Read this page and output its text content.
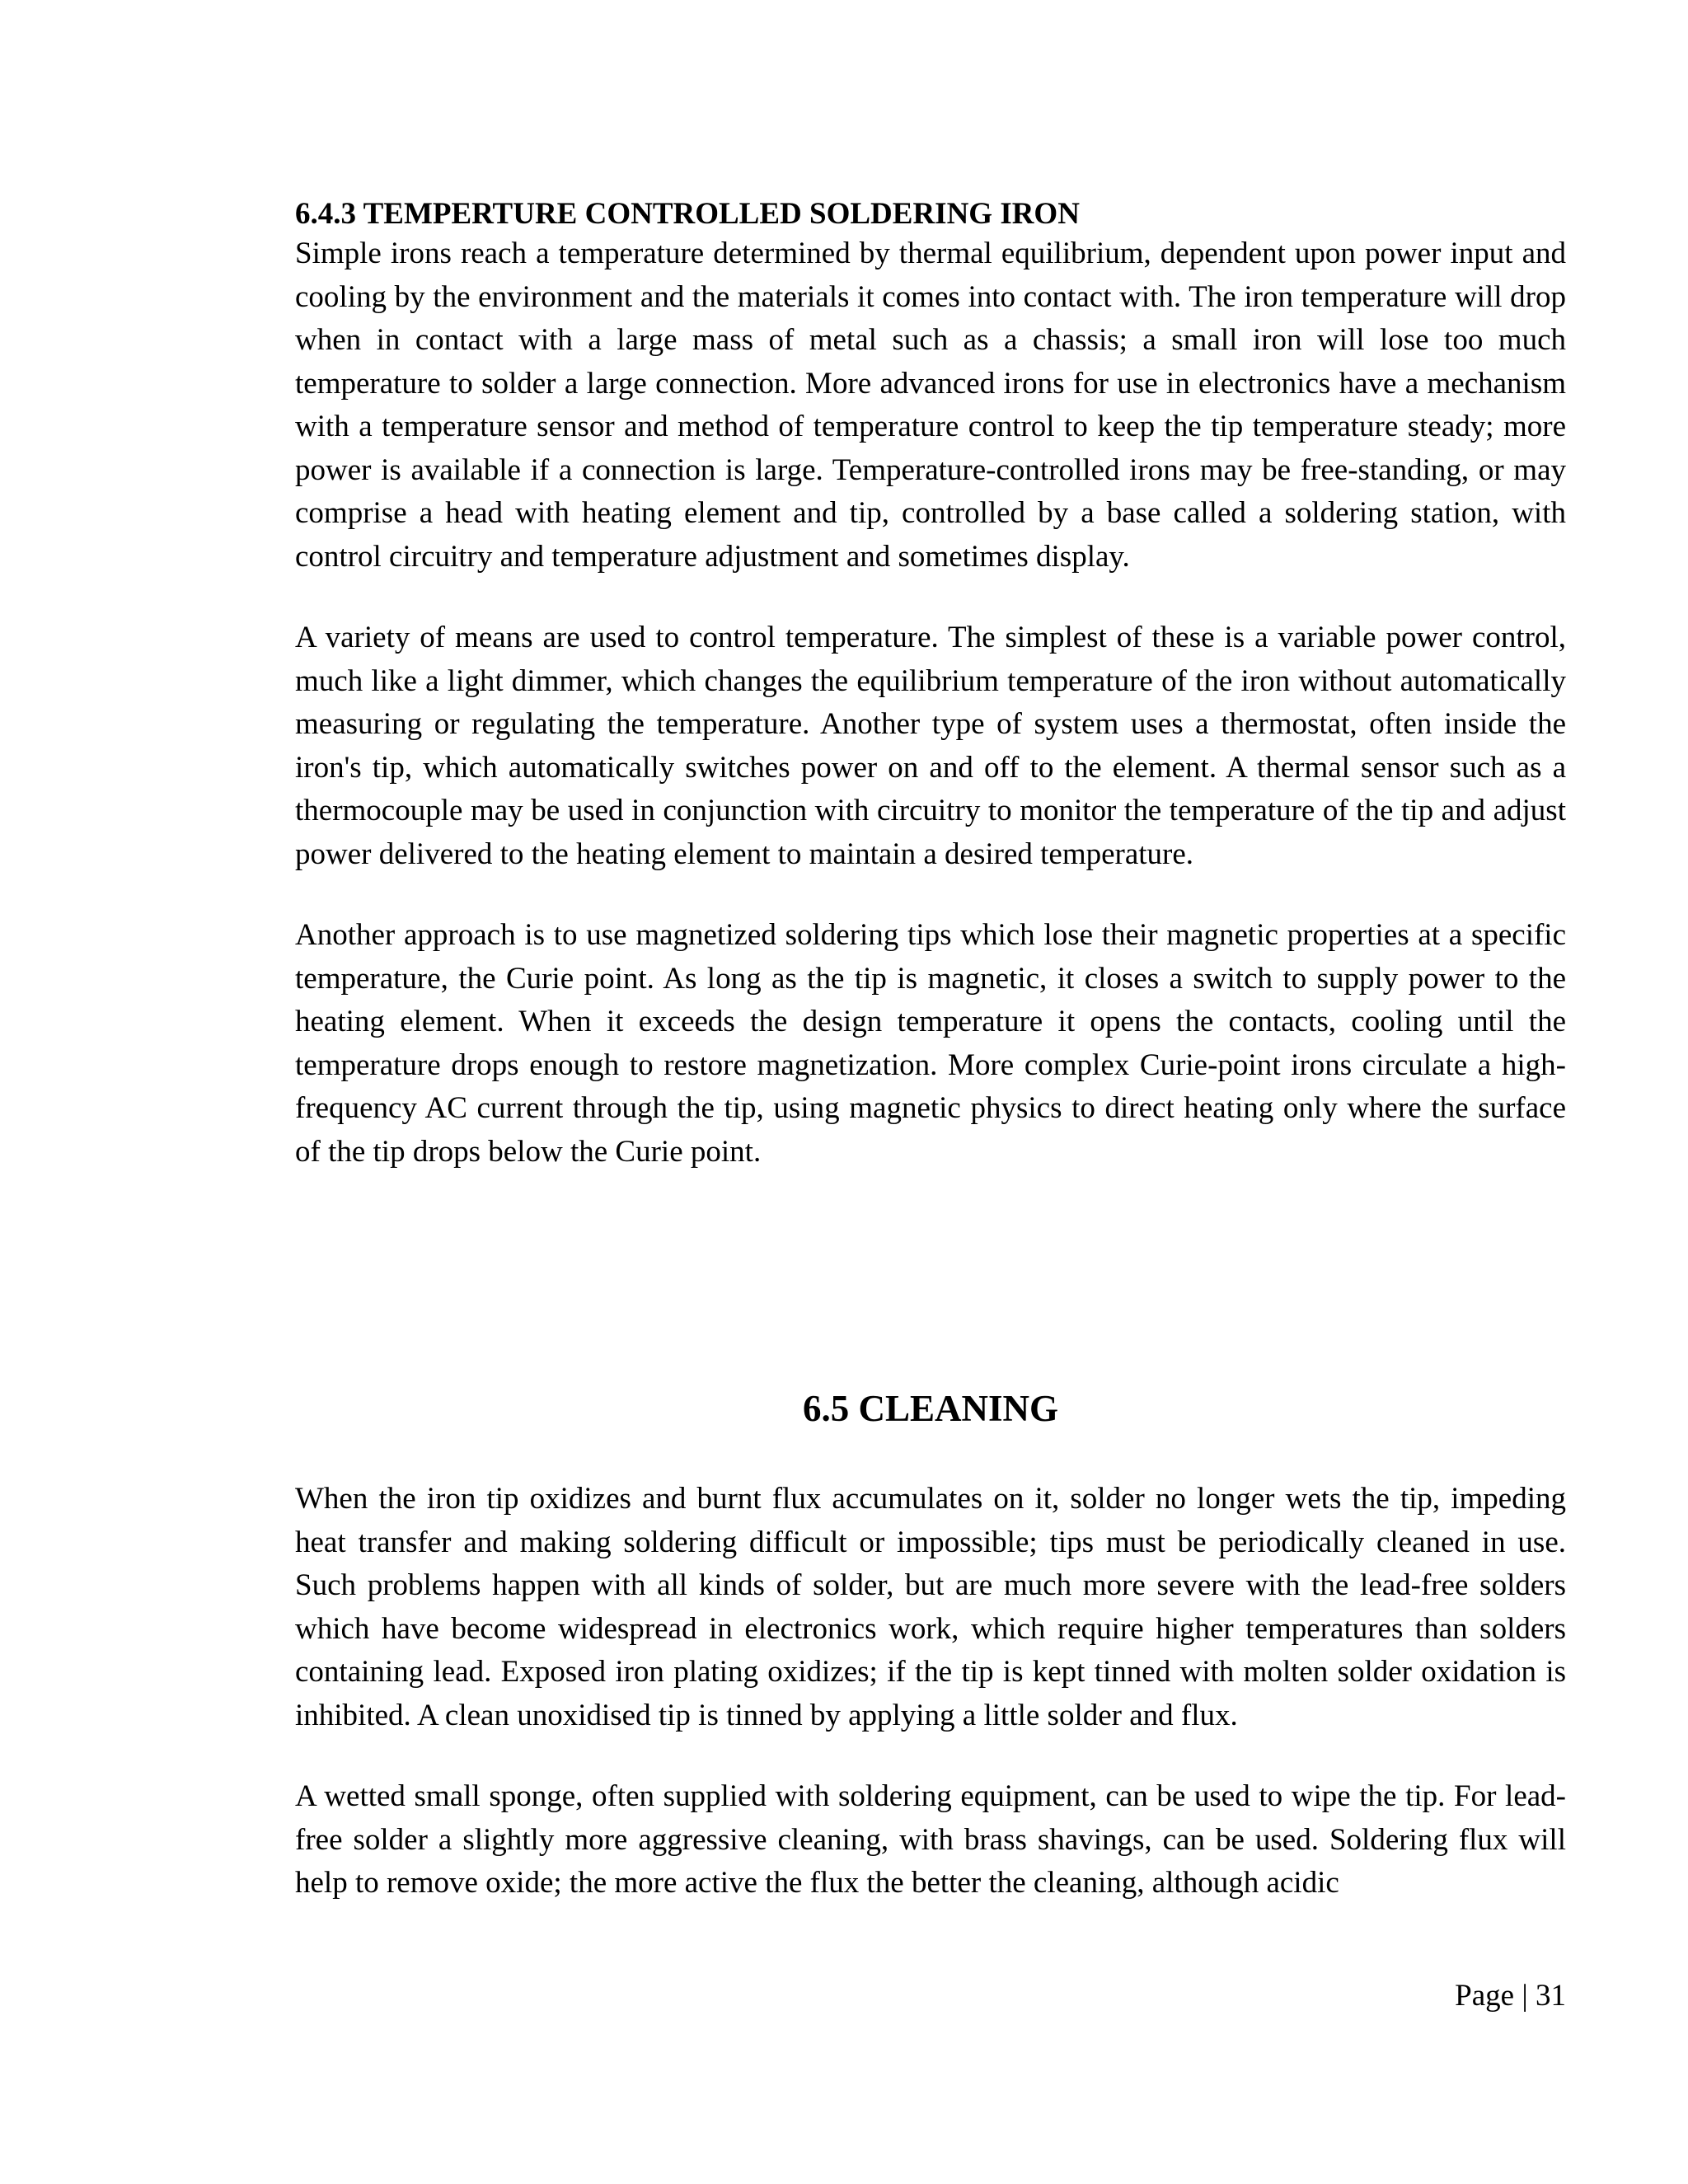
6.4.3 TEMPERTURE CONTROLLED SOLDERING IRON

Simple irons reach a temperature determined by thermal equilibrium, dependent upon power input and cooling by the environment and the materials it comes into contact with. The iron temperature will drop when in contact with a large mass of metal such as a chassis; a small iron will lose too much temperature to solder a large connection. More advanced irons for use in electronics have a mechanism with a temperature sensor and method of temperature control to keep the tip temperature steady; more power is available if a connection is large. Temperature-controlled irons may be free-standing, or may comprise a head with heating element and tip, controlled by a base called a soldering station, with control circuitry and temperature adjustment and sometimes display.

A variety of means are used to control temperature. The simplest of these is a variable power control, much like a light dimmer, which changes the equilibrium temperature of the iron without automatically measuring or regulating the temperature. Another type of system uses a thermostat, often inside the iron's tip, which automatically switches power on and off to the element. A thermal sensor such as a thermocouple may be used in conjunction with circuitry to monitor the temperature of the tip and adjust power delivered to the heating element to maintain a desired temperature.

Another approach is to use magnetized soldering tips which lose their magnetic properties at a specific temperature, the Curie point. As long as the tip is magnetic, it closes a switch to supply power to the heating element. When it exceeds the design temperature it opens the contacts, cooling until the temperature drops enough to restore magnetization. More complex Curie-point irons circulate a high-frequency AC current through the tip, using magnetic physics to direct heating only where the surface of the tip drops below the Curie point.

6.5 CLEANING

When the iron tip oxidizes and burnt flux accumulates on it, solder no longer wets the tip, impeding heat transfer and making soldering difficult or impossible; tips must be periodically cleaned in use. Such problems happen with all kinds of solder, but are much more severe with the lead-free solders which have become widespread in electronics work, which require higher temperatures than solders containing lead. Exposed iron plating oxidizes; if the tip is kept tinned with molten solder oxidation is inhibited. A clean unoxidised tip is tinned by applying a little solder and flux.

A wetted small sponge, often supplied with soldering equipment, can be used to wipe the tip. For lead-free solder a slightly more aggressive cleaning, with brass shavings, can be used. Soldering flux will help to remove oxide; the more active the flux the better the cleaning, although acidic

Page | 31
